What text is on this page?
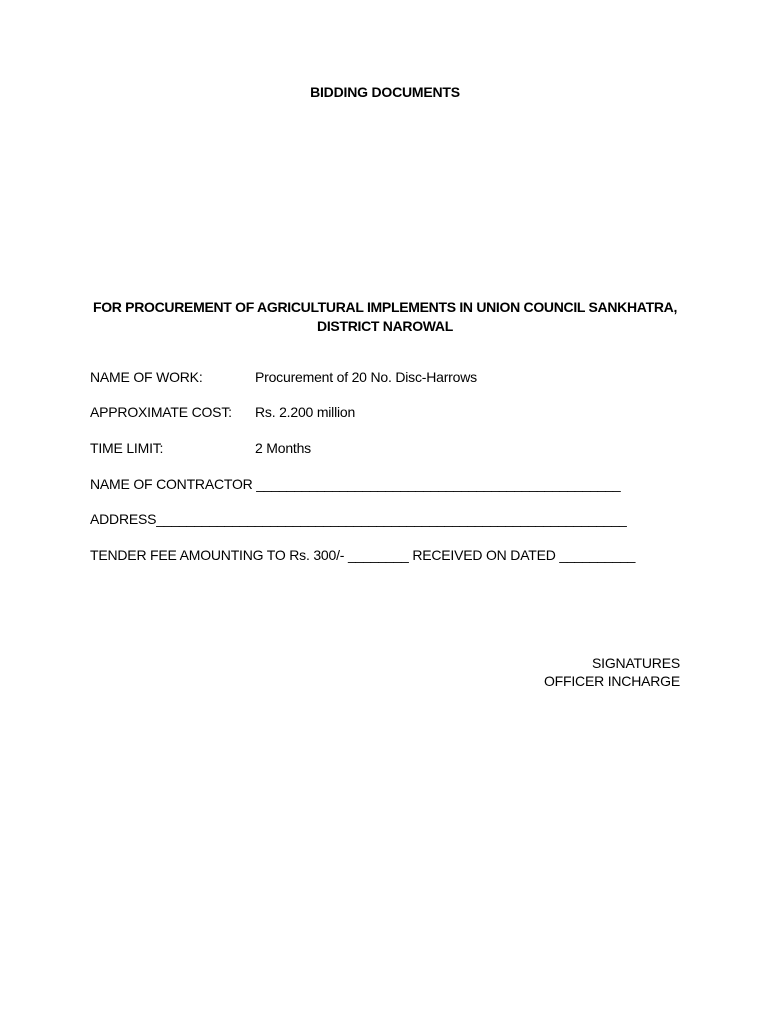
BIDDING DOCUMENTS
FOR PROCUREMENT OF AGRICULTURAL IMPLEMENTS IN UNION COUNCIL SANKHATRA,
DISTRICT NAROWAL
NAME OF WORK:	Procurement of 20 No. Disc-Harrows
APPROXIMATE COST: Rs. 2.200 million
TIME LIMIT:	2 Months
NAME OF CONTRACTOR ________________________________________________
ADDRESS______________________________________________________________
TENDER FEE AMOUNTING TO Rs. 300/- ________ RECEIVED ON DATED __________
SIGNATURES
OFFICER INCHARGE
